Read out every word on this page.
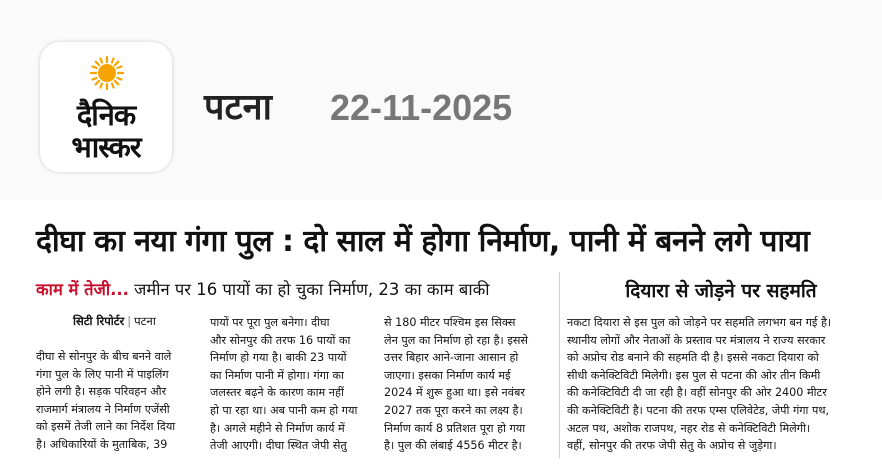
दैनिक
भास्कर
पटना 22-11-2025
दीघा का नया गंगा पुल : दो साल में होगा निर्माण, पानी में बनने लगे पाया
काम में तेजी... जमीन पर 16 पायों का हो चुका निर्माण, 23 का काम बाकी
सिटी रिपोर्टर | पटना
दीघा से सोनपुर के बीच बनने वाले
गंगा पुल के लिए पानी में पाइलिंग
होने लगी है। सड़क परिवहन और
राजमार्ग मंत्रालय ने निर्माण एजेंसी
को इसमें तेजी लाने का निर्देश दिया
है। अधिकारियों के मुताबिक, 39
पायों पर पूरा पुल बनेगा। दीघा
और सोनपुर की तरफ 16 पायों का
निर्माण हो गया है। बाकी 23 पायों
का निर्माण पानी में होगा। गंगा का
जलस्तर बढ़ने के कारण काम नहीं
हो पा रहा था। अब पानी कम हो गया
है। अगले महीने से निर्माण कार्य में
तेजी आएगी। दीघा स्थित जेपी सेतु
से 180 मीटर पश्चिम इस सिक्स
लेन पुल का निर्माण हो रहा है। इससे
उत्तर बिहार आने-जाना आसान हो
जाएगा। इसका निर्माण कार्य मई
2024 में शुरू हुआ था। इसे नवंबर
2027 तक पूरा करने का लक्ष्य है।
निर्माण कार्य 8 प्रतिशत पूरा हो गया
है। पुल की लंबाई 4556 मीटर है।
दियारा से जोड़ने पर सहमति
नकटा दियारा से इस पुल को जोड़ने पर सहमति लगभग बन गई है।
स्थानीय लोगों और नेताओं के प्रस्ताव पर मंत्रालय ने राज्य सरकार
को अप्रोच रोड बनाने की सहमति दी है। इससे नकटा दियारा को
सीधी कनेक्टिविटी मिलेगी। इस पुल से पटना की ओर तीन किमी
की कनेक्टिविटी दी जा रही है। वहीं सोनपुर की ओर 2400 मीटर
की कनेक्टिविटी है। पटना की तरफ एम्स एलिवेटेड, जेपी गंगा पथ,
अटल पथ, अशोक राजपथ, नहर रोड से कनेक्टिविटी मिलेगी।
वहीं, सोनपुर की तरफ जेपी सेतु के अप्रोच से जुड़ेगा।
